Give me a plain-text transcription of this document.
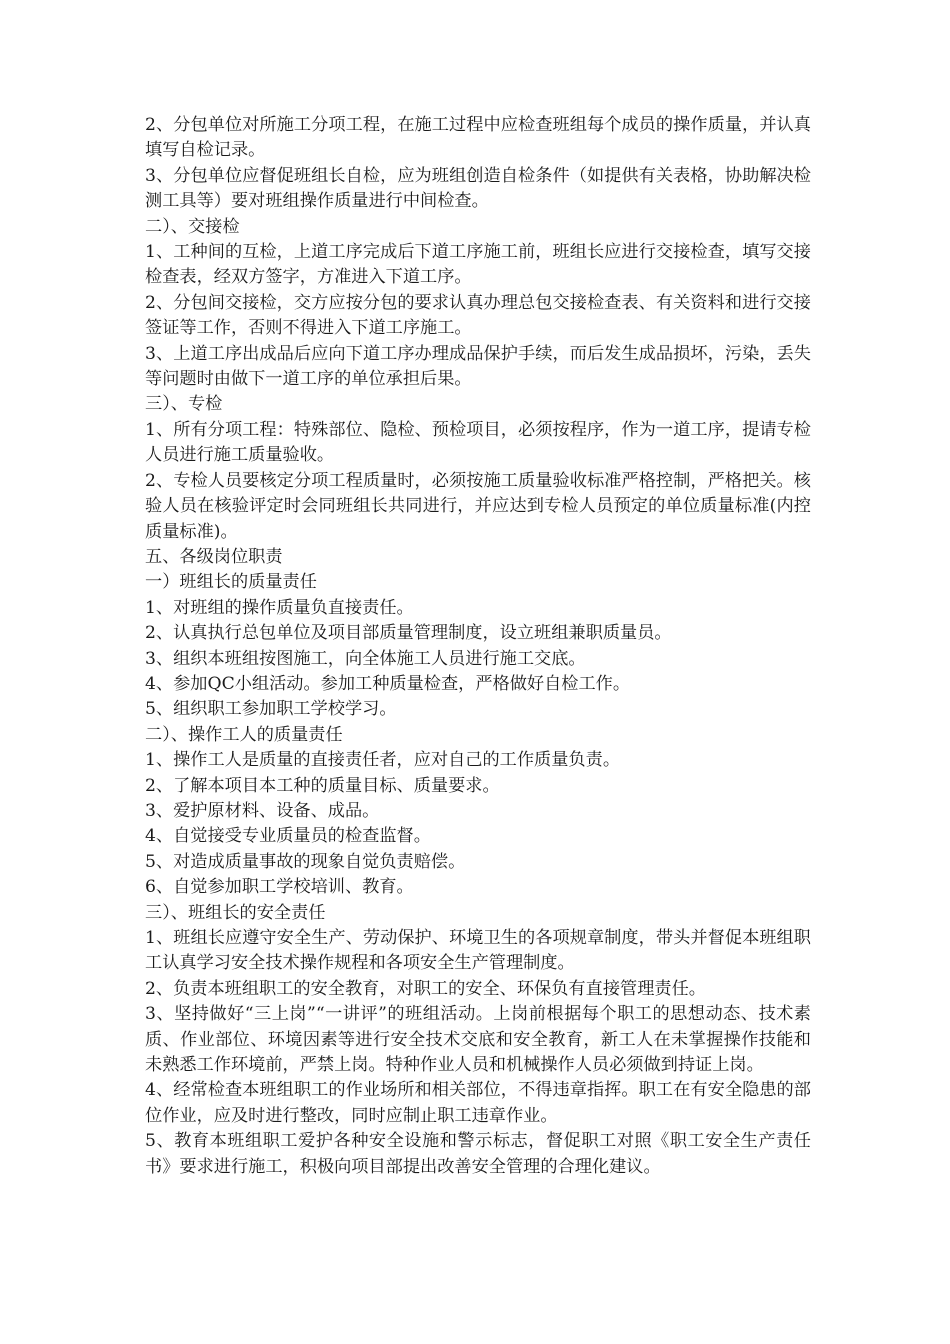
2、分包单位对所施工分项工程，在施工过程中应检查班组每个成员的操作质量，并认真填写自检记录。

3、分包单位应督促班组长自检，应为班组创造自检条件（如提供有关表格，协助解决检测工具等）要对班组操作质量进行中间检查。

二）、交接检

1、工种间的互检，上道工序完成后下道工序施工前，班组长应进行交接检查，填写交接检查表，经双方签字，方准进入下道工序。

2、分包间交接检，交方应按分包的要求认真办理总包交接检查表、有关资料和进行交接签证等工作，否则不得进入下道工序施工。

3、上道工序出成品后应向下道工序办理成品保护手续，而后发生成品损坏，污染，丢失等问题时由做下一道工序的单位承担后果。

三）、专检

1、所有分项工程：特殊部位、隐检、预检项目，必须按程序，作为一道工序，提请专检人员进行施工质量验收。

2、专检人员要核定分项工程质量时，必须按施工质量验收标准严格控制，严格把关。核验人员在核验评定时会同班组长共同进行，并应达到专检人员预定的单位质量标准(内控质量标准)。

五、各级岗位职责

一）班组长的质量责任

1、对班组的操作质量负直接责任。

2、认真执行总包单位及项目部质量管理制度，设立班组兼职质量员。

3、组织本班组按图施工，向全体施工人员进行施工交底。

4、参加QC小组活动。参加工种质量检查，严格做好自检工作。

5、组织职工参加职工学校学习。

二）、操作工人的质量责任

1、操作工人是质量的直接责任者，应对自己的工作质量负责。

2、了解本项目本工种的质量目标、质量要求。

3、爱护原材料、设备、成品。

4、自觉接受专业质量员的检查监督。

5、对造成质量事故的现象自觉负责赔偿。

6、自觉参加职工学校培训、教育。

三）、班组长的安全责任

1、班组长应遵守安全生产、劳动保护、环境卫生的各项规章制度，带头并督促本班组职工认真学习安全技术操作规程和各项安全生产管理制度。

2、负责本班组职工的安全教育，对职工的安全、环保负有直接管理责任。

3、坚持做好“三上岗”“一讲评”的班组活动。上岗前根据每个职工的思想动态、技术素质、作业部位、环境因素等进行安全技术交底和安全教育，新工人在未掌握操作技能和未熟悉工作环境前，严禁上岗。特种作业人员和机械操作人员必须做到持证上岗。

4、经常检查本班组职工的作业场所和相关部位，不得违章指挥。职工在有安全隐患的部位作业，应及时进行整改，同时应制止职工违章作业。

5、教育本班组职工爱护各种安全设施和警示标志，督促职工对照《职工安全生产责任书》要求进行施工，积极向项目部提出改善安全管理的合理化建议。
